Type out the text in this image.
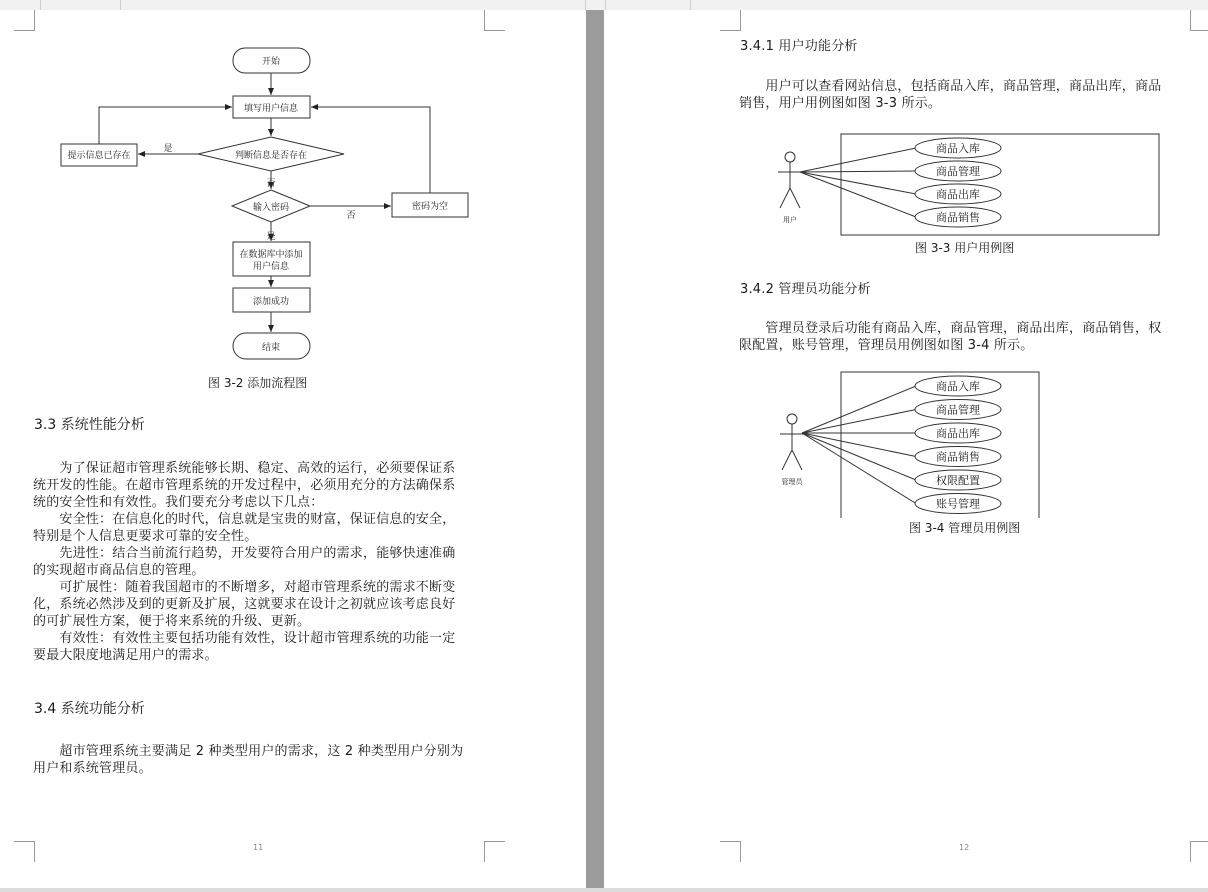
开始
填写用户信息
判断信息是否存在
提示信息已存在
是
否
输入密码
否
密码为空
是
在数据库中添加
用户信息
添加成功
结束
图 3-2 添加流程图
3.3 系统性能分析
　　为了保证超市管理系统能够长期、稳定、高效的运行，必须要保证系
统开发的性能。在超市管理系统的开发过程中，必须用充分的方法确保系
统的安全性和有效性。我们要充分考虑以下几点：
　　安全性：在信息化的时代，信息就是宝贵的财富，保证信息的安全，
特别是个人信息更要求可靠的安全性。
　　先进性：结合当前流行趋势，开发要符合用户的需求，能够快速准确
的实现超市商品信息的管理。
　　可扩展性：随着我国超市的不断增多，对超市管理系统的需求不断变
化，系统必然涉及到的更新及扩展，这就要求在设计之初就应该考虑良好
的可扩展性方案，便于将来系统的升级、更新。
　　有效性：有效性主要包括功能有效性，设计超市管理系统的功能一定
要最大限度地满足用户的需求。
3.4 系统功能分析
　　超市管理系统主要满足 2 种类型用户的需求，这 2 种类型用户分别为
用户和系统管理员。
11
3.4.1 用户功能分析
　　用户可以查看网站信息，包括商品入库，商品管理，商品出库，商品
销售，用户用例图如图 3-3 所示。
用户
商品入库
商品管理
商品出库
商品销售
图 3-3 用户用例图
3.4.2 管理员功能分析
　　管理员登录后功能有商品入库，商品管理，商品出库，商品销售，权
限配置，账号管理，管理员用例图如图 3-4 所示。
管理员
商品入库
商品管理
商品出库
商品销售
权限配置
账号管理
图 3-4 管理员用例图
12
